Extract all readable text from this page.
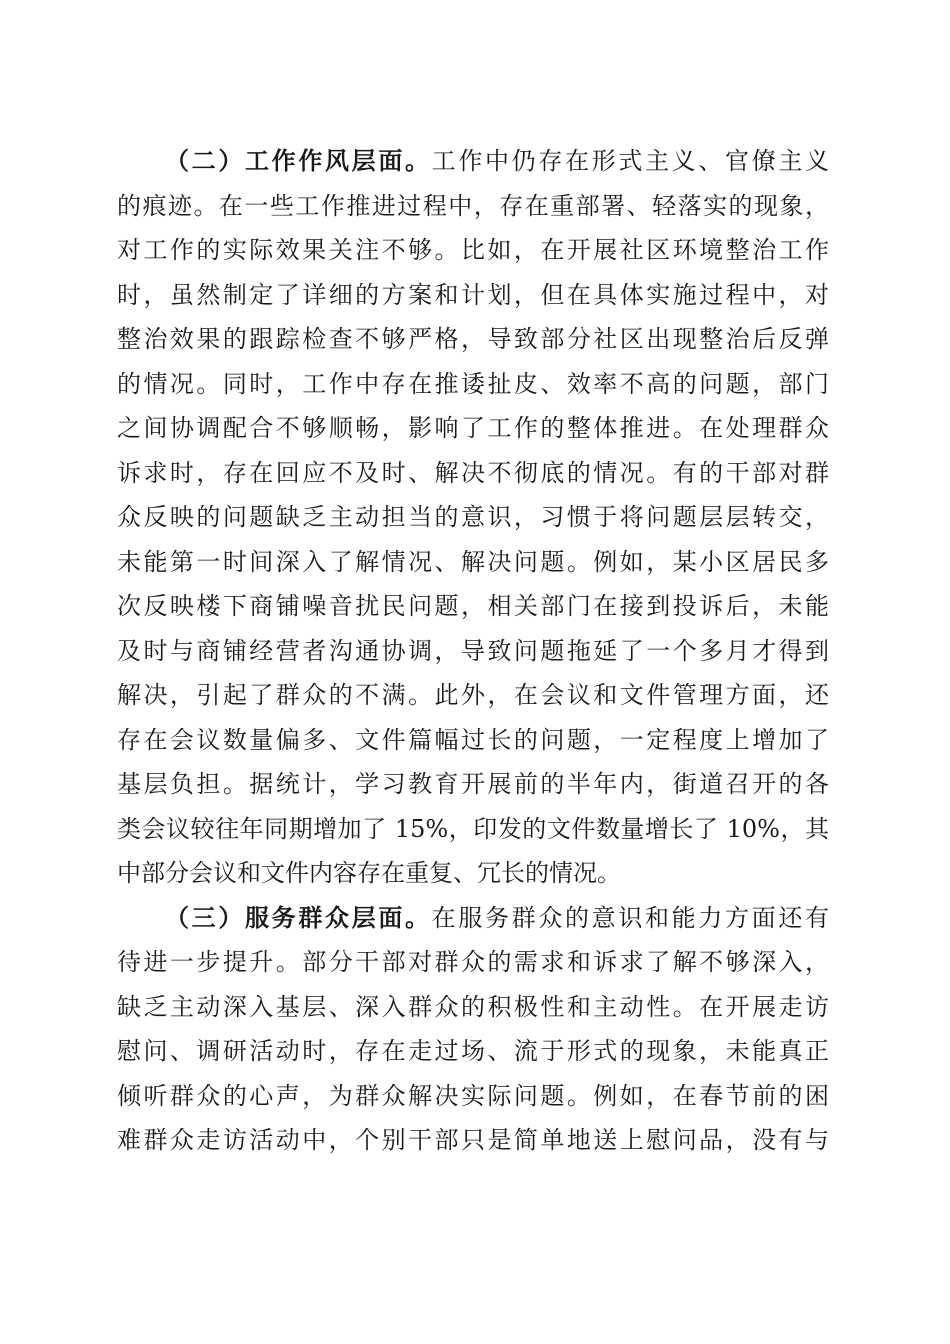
（二）工作作风层面。工作中仍存在形式主义、官僚主义
的痕迹。在一些工作推进过程中，存在重部署、轻落实的现象，
对工作的实际效果关注不够。比如，在开展社区环境整治工作
时，虽然制定了详细的方案和计划，但在具体实施过程中，对
整治效果的跟踪检查不够严格，导致部分社区出现整治后反弹
的情况。同时，工作中存在推诿扯皮、效率不高的问题，部门
之间协调配合不够顺畅，影响了工作的整体推进。在处理群众
诉求时，存在回应不及时、解决不彻底的情况。有的干部对群
众反映的问题缺乏主动担当的意识，习惯于将问题层层转交，
未能第一时间深入了解情况、解决问题。例如，某小区居民多
次反映楼下商铺噪音扰民问题，相关部门在接到投诉后，未能
及时与商铺经营者沟通协调，导致问题拖延了一个多月才得到
解决，引起了群众的不满。此外，在会议和文件管理方面，还
存在会议数量偏多、文件篇幅过长的问题，一定程度上增加了
基层负担。据统计，学习教育开展前的半年内，街道召开的各
类会议较往年同期增加了 15%，印发的文件数量增长了 10%，其
中部分会议和文件内容存在重复、冗长的情况。
（三）服务群众层面。在服务群众的意识和能力方面还有
待进一步提升。部分干部对群众的需求和诉求了解不够深入，
缺乏主动深入基层、深入群众的积极性和主动性。在开展走访
慰问、调研活动时，存在走过场、流于形式的现象，未能真正
倾听群众的心声，为群众解决实际问题。例如，在春节前的困
难群众走访活动中，个别干部只是简单地送上慰问品，没有与
